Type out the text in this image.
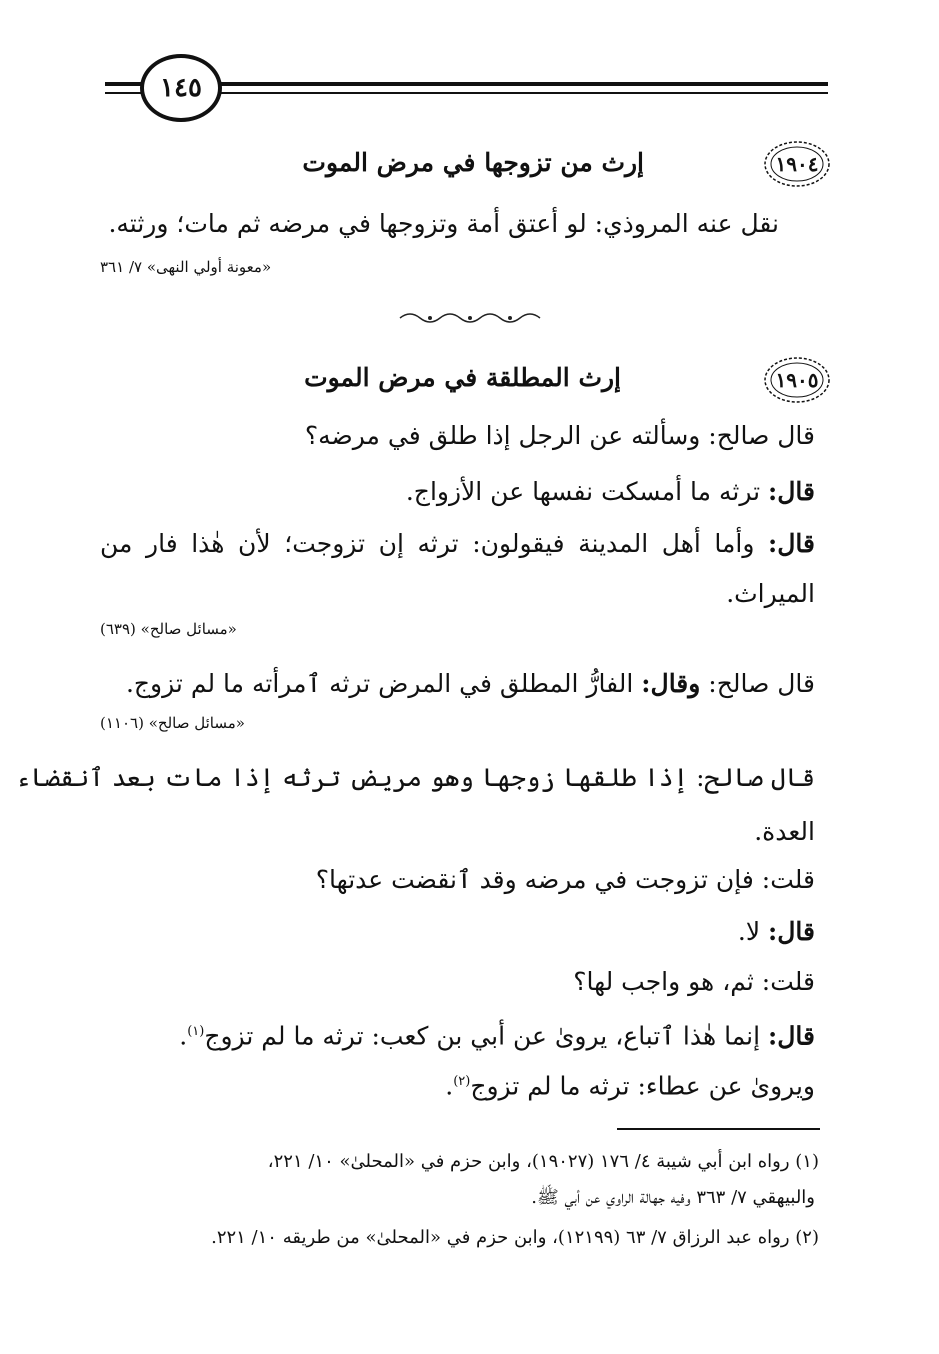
١٤٥
١٩٠٤
إرث من تزوجها في مرض الموت
نقل عنه المروذي: لو أعتق أمة وتزوجها في مرضه ثم مات؛ ورثته.
«معونة أولي النهى» ٧/ ٣٦١
١٩٠٥
إرث المطلقة في مرض الموت
قال صالح: وسألته عن الرجل إذا طلق في مرضه؟
قال: ترثه ما أمسكت نفسها عن الأزواج.
قال: وأما أهل المدينة فيقولون: ترثه إن تزوجت؛ لأن هٰذا فار من
الميراث.
«مسائل صالح» (٦٣٩)
قال صالح: وقال: الفارُّ المطلق في المرض ترثه ٱمرأته ما لم تزوج.
«مسائل صالح» (١١٠٦)
قال صالح: إذا طلقها زوجها وهو مريض ترثه إذا مات بعد ٱنقضاء
العدة.
قلت: فإن تزوجت في مرضه وقد ٱنقضت عدتها؟
قال: لا.
قلت: ثم، هو واجب لها؟
قال: إنما هٰذا ٱتباع، يروىٰ عن أبي بن كعب: ترثه ما لم تزوج$^{(١)}$.
ويروىٰ عن عطاء: ترثه ما لم تزوج$^{(٢)}$.
(١) رواه ابن أبي شيبة ٤/ ١٧٦ (١٩٠٢٧)، وابن حزم في «المحلىٰ» ١٠/ ٢٢١،
والبيهقي ٧/ ٣٦٣ وفيه جهالة الراوي عن أبي ﷺ.
(٢) رواه عبد الرزاق ٧/ ٦٣ (١٢١٩٩)، وابن حزم في «المحلىٰ» من طريقه ١٠/ ٢٢١.
